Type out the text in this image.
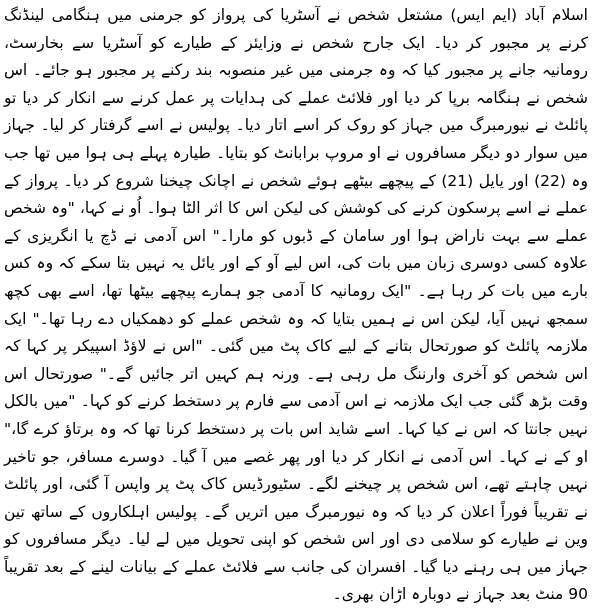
اسلام آباد (ایم ایس) مشتعل شخص نے آسٹریا کی پرواز کو جرمنی میں ہنگامی لینڈنگ کرنے پر مجبور کر دیا۔ ایک جارح شخص نے وزایئر کے طیارے کو آسٹریا سے بخارسٹ، رومانیہ جانے پر مجبور کیا کہ وہ جرمنی میں غیر منصوبہ بند رکنے پر مجبور ہو جائے۔ اس شخص نے ہنگامہ برپا کر دیا اور فلائٹ عملے کی ہدایات پر عمل کرنے سے انکار کر دیا تو پائلٹ نے نیورمبرگ میں جہاز کو روک کر اسے اتار دیا۔ پولیس نے اسے گرفتار کر لیا۔ جہاز میں سوار دو دیگر مسافروں نے او مروپ برابانٹ کو بتایا۔ طیارہ پہلے ہی ہوا میں تھا جب وہ (22) اور یایل (21) کے پیچھے بیٹھے ہوئے شخص نے اچانک چیخنا شروع کر دیا۔ پرواز کے عملے نے اسے پرسکون کرنے کی کوشش کی لیکن اس کا اثر الٹا ہوا۔ اُو نے کہا، "وہ شخص عملے سے بہت ناراض ہوا اور سامان کے ڈبوں کو مارا۔" اس آدمی نے ڈچ یا انگریزی کے علاوہ کسی دوسری زبان میں بات کی، اس لیے آو کے اور یائل یہ نہیں بتا سکے کہ وہ کس بارے میں بات کر رہا ہے۔ "ایک رومانیہ کا آدمی جو ہمارے پیچھے بیٹھا تھا، اسے بھی کچھ سمجھ نہیں آیا، لیکن اس نے ہمیں بتایا کہ وہ شخص عملے کو دھمکیاں دے رہا تھا۔" ایک ملازمہ پائلٹ کو صورتحال بتانے کے لیے کاک پٹ میں گئی۔ "اس نے لاؤڈ اسپیکر پر کہا کہ اس شخص کو آخری وارننگ مل رہی ہے۔ ورنہ ہم کہیں اتر جائیں گے۔" صورتحال اس وقت بڑھ گئی جب ایک ملازمہ نے اس آدمی سے فارم پر دستخط کرنے کو کہا۔ "میں بالکل نہیں جانتا کہ اس نے کیا کہا۔ اسے شاید اس بات پر دستخط کرنا تھا کہ وہ برتاؤ کرے گا،" او کے نے کہا۔ اس آدمی نے انکار کر دیا اور پھر غصے میں آ گیا۔ دوسرے مسافر، جو تاخیر نہیں چاہتے تھے، اس شخص پر چیخنے لگے۔ سٹیورڈیس کاک پٹ پر واپس آ گئی، اور پائلٹ نے تقریباً فوراً اعلان کر دیا کہ وہ نیورمبرگ میں اتریں گے۔ پولیس اہلکاروں کے ساتھ تین وین نے طیارے کو سلامی دی اور اس شخص کو اپنی تحویل میں لے لیا۔ دیگر مسافروں کو جہاز میں ہی رہنے دیا گیا۔ افسران کی جانب سے فلائٹ عملے کے بیانات لینے کے بعد تقریباً 90 منٹ بعد جہاز نے دوبارہ اڑان بھری۔
